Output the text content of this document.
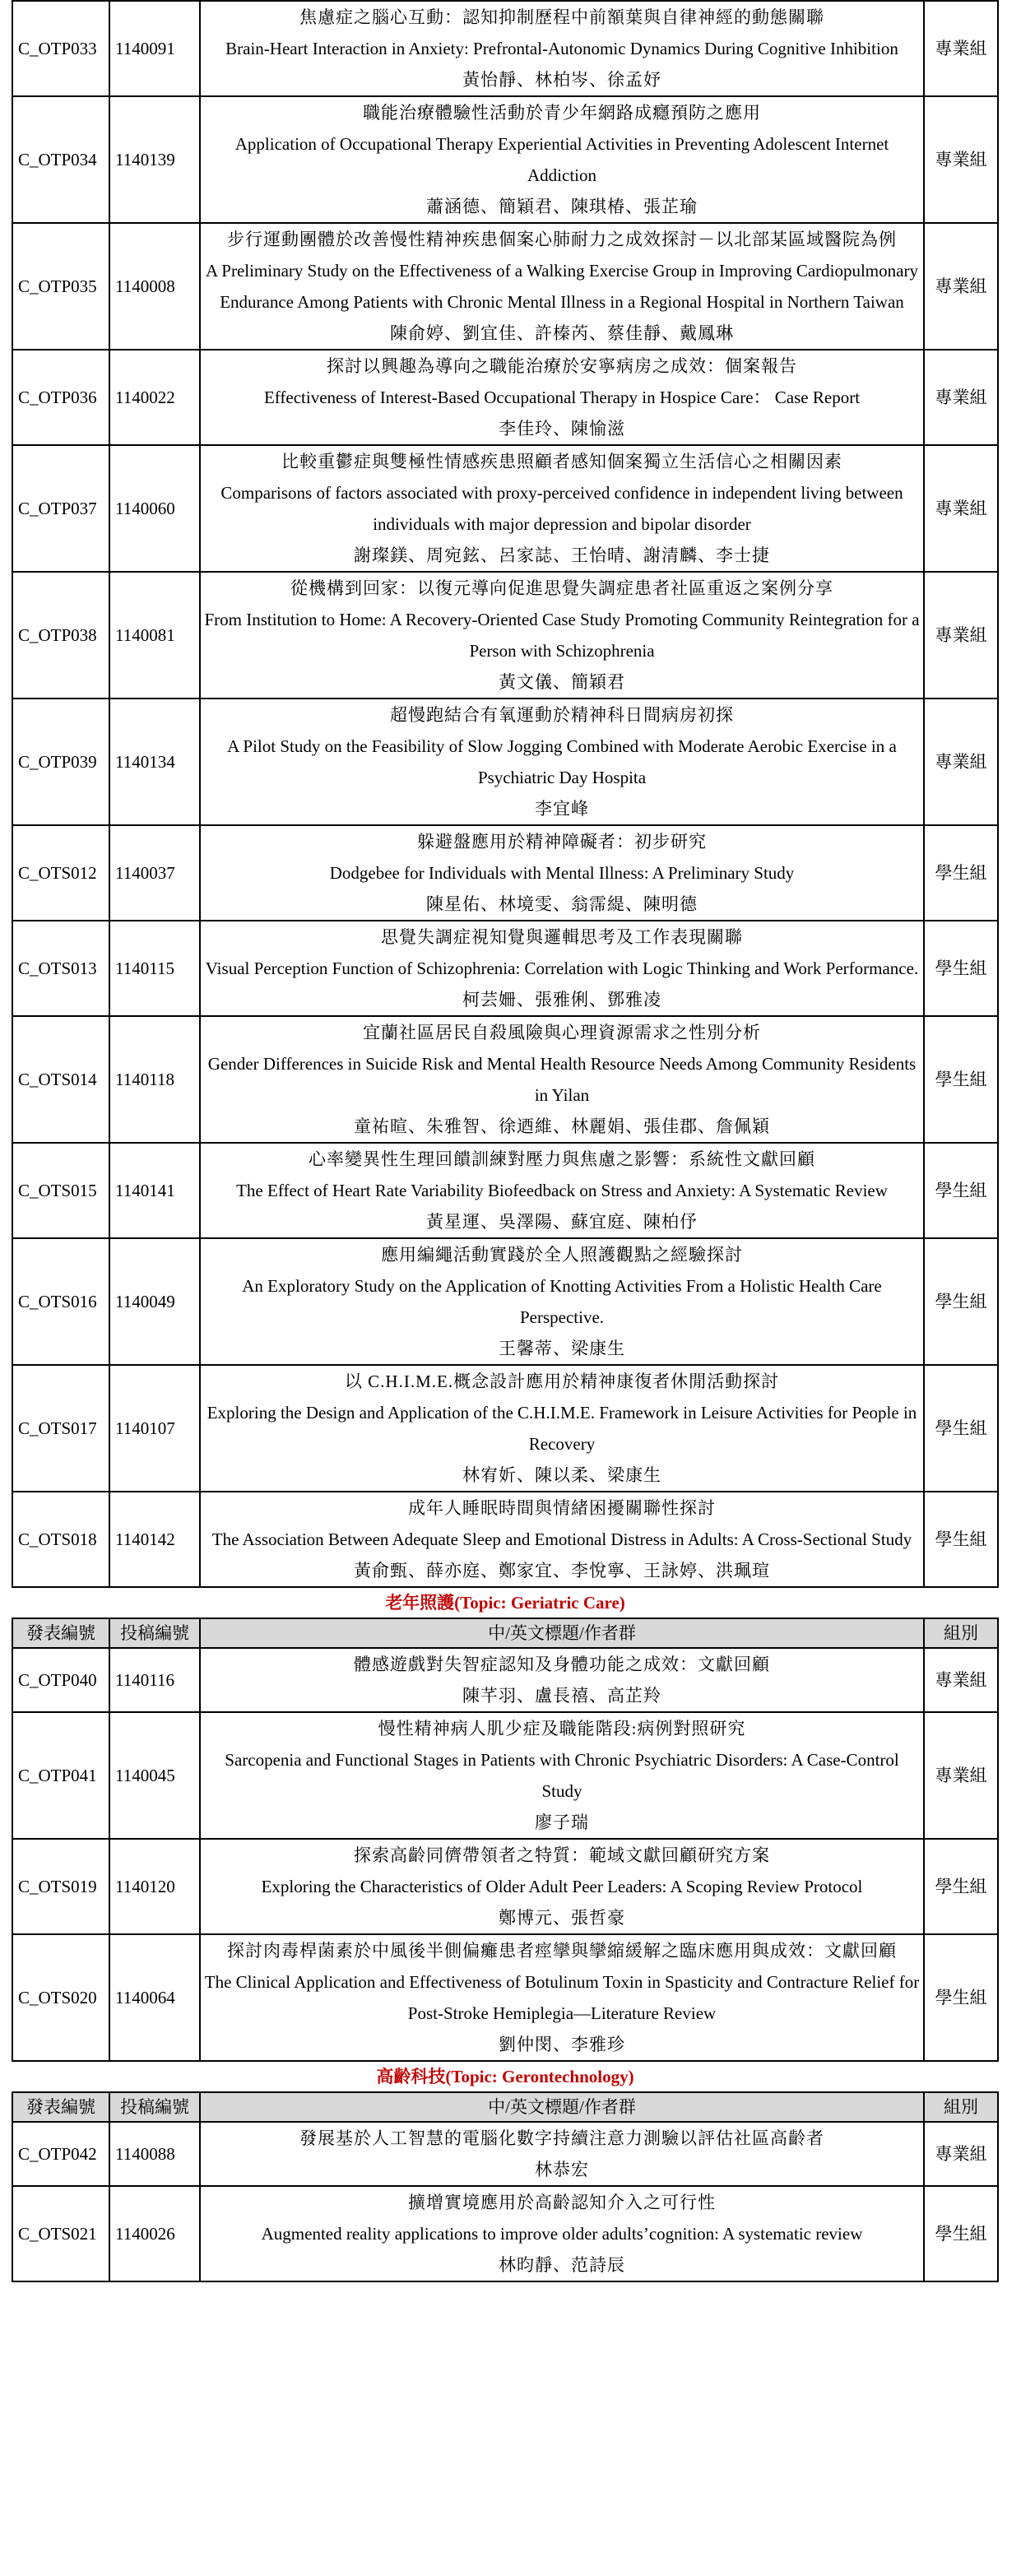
C_OTP033	1140091	焦慮症之腦心互動：認知抑制歷程中前額葉與自律神經的動態關聯
Brain-Heart Interaction in Anxiety: Prefrontal-Autonomic Dynamics During Cognitive Inhibition
黃怡靜、林柏岑、徐孟妤	專業組
C_OTP034	1140139	職能治療體驗性活動於青少年網路成癮預防之應用
Application of Occupational Therapy Experiential Activities in Preventing Adolescent Internet Addiction
蕭涵德、簡穎君、陳琪椿、張芷瑜	專業組
C_OTP035	1140008	步行運動團體於改善慢性精神疾患個案心肺耐力之成效探討－以北部某區域醫院為例
A Preliminary Study on the Effectiveness of a Walking Exercise Group in Improving Cardiopulmonary Endurance Among Patients with Chronic Mental Illness in a Regional Hospital in Northern Taiwan
陳俞婷、劉宜佳、許榛芮、蔡佳靜、戴鳳琳	專業組
C_OTP036	1140022	探討以興趣為導向之職能治療於安寧病房之成效：個案報告
Effectiveness of Interest-Based Occupational Therapy in Hospice Care： Case Report
李佳玲、陳愉滋	專業組
C_OTP037	1140060	比較重鬱症與雙極性情感疾患照顧者感知個案獨立生活信心之相關因素
Comparisons of factors associated with proxy-perceived confidence in independent living between individuals with major depression and bipolar disorder
謝璨鎂、周宛鉉、呂家誌、王怡晴、謝清麟、李士捷	專業組
C_OTP038	1140081	從機構到回家：以復元導向促進思覺失調症患者社區重返之案例分享
From Institution to Home: A Recovery-Oriented Case Study Promoting Community Reintegration for a Person with Schizophrenia
黃文儀、簡穎君	專業組
C_OTP039	1140134	超慢跑結合有氧運動於精神科日間病房初探
A Pilot Study on the Feasibility of Slow Jogging Combined with Moderate Aerobic Exercise in a Psychiatric Day Hospita
李宜峰	專業組
C_OTS012	1140037	躲避盤應用於精神障礙者：初步研究
Dodgebee for Individuals with Mental Illness: A Preliminary Study
陳星佑、林境雯、翁霈緹、陳明德	學生組
C_OTS013	1140115	思覺失調症視知覺與邏輯思考及工作表現關聯
Visual Perception Function of Schizophrenia: Correlation with Logic Thinking and Work Performance.
柯芸姍、張雅俐、鄧雅凌	學生組
C_OTS014	1140118	宜蘭社區居民自殺風險與心理資源需求之性別分析
Gender Differences in Suicide Risk and Mental Health Resource Needs Among Community Residents in Yilan
童祐暄、朱雅智、徐迺維、林麗娟、張佳郡、詹佩穎	學生組
C_OTS015	1140141	心率變異性生理回饋訓練對壓力與焦慮之影響：系統性文獻回顧
The Effect of Heart Rate Variability Biofeedback on Stress and Anxiety: A Systematic Review
黃星運、吳澤陽、蘇宜庭、陳柏伃	學生組
C_OTS016	1140049	應用編繩活動實踐於全人照護觀點之經驗探討
An Exploratory Study on the Application of Knotting Activities From a Holistic Health Care Perspective.
王馨蒂、梁康生	學生組
C_OTS017	1140107	以 C.H.I.M.E.概念設計應用於精神康復者休閒活動探討
Exploring the Design and Application of the C.H.I.M.E. Framework in Leisure Activities for People in Recovery
林宥妡、陳以柔、梁康生	學生組
C_OTS018	1140142	成年人睡眠時間與情緒困擾關聯性探討
The Association Between Adequate Sleep and Emotional Distress in Adults: A Cross-Sectional Study
黃俞甄、薛亦庭、鄭家宜、李悅寧、王詠婷、洪珮瑄	學生組
老年照護(Topic: Geriatric Care)			
發表編號	投稿編號	中/英文標題/作者群	組別
C_OTP040	1140116	體感遊戲對失智症認知及身體功能之成效：文獻回顧
陳芊羽、盧長禧、高芷羚	專業組
C_OTP041	1140045	慢性精神病人肌少症及職能階段:病例對照研究
Sarcopenia and Functional Stages in Patients with Chronic Psychiatric Disorders: A Case-Control Study
廖子瑞	專業組
C_OTS019	1140120	探索高齡同儕帶領者之特質：範域文獻回顧研究方案
Exploring the Characteristics of Older Adult Peer Leaders: A Scoping Review Protocol
鄭博元、張哲豪	學生組
C_OTS020	1140064	探討肉毒桿菌素於中風後半側偏癱患者痙攣與攣縮緩解之臨床應用與成效：文獻回顧
The Clinical Application and Effectiveness of Botulinum Toxin in Spasticity and Contracture Relief for Post-Stroke Hemiplegia—Literature Review
劉仲閔、李雅珍	學生組
高齡科技(Topic: Gerontechnology)			
發表編號	投稿編號	中/英文標題/作者群	組別
C_OTP042	1140088	發展基於人工智慧的電腦化數字持續注意力測驗以評估社區高齡者
林恭宏	專業組
C_OTS021	1140026	擴增實境應用於高齡認知介入之可行性
Augmented reality applications to improve older adults’cognition: A systematic review
林昀靜、范詩辰	學生組
